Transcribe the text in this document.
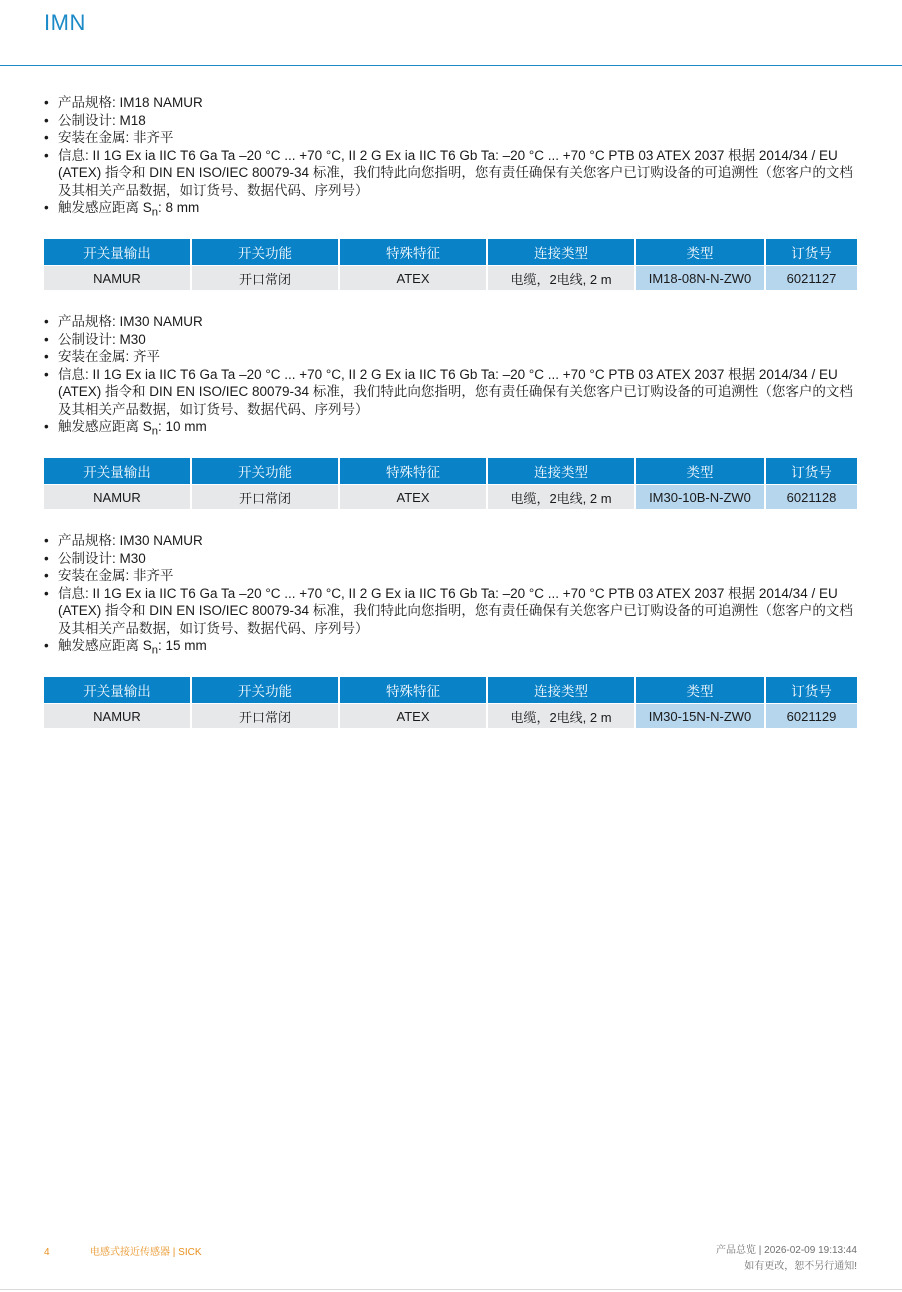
IMN
• 产品规格: IM18 NAMUR
• 公制设计: M18
• 安装在金属: 非齐平
• 信息: II 1G Ex ia IIC T6 Ga Ta –20 °C ... +70 °C, II 2 G Ex ia IIC T6 Gb Ta: –20 °C ... +70 °C PTB 03 ATEX 2037 根据 2014/34 / EU (ATEX) 指令和 DIN EN ISO/IEC 80079-34 标准，我们特此向您指明，您有责任确保有关您客户已订购设备的可追溯性（您客户的文档及其相关产品数据，如订货号、数据代码、序列号）
• 触发感应距离 $S_n$: 8 mm
开关量输出	开关功能	特殊特征	连接类型	类型	订货号
NAMUR	开口常闭	ATEX	电缆，2电线, 2 m	IM18-08N-N-ZW0	6021127
• 产品规格: IM30 NAMUR
• 公制设计: M30
• 安装在金属: 齐平
• 信息: II 1G Ex ia IIC T6 Ga Ta –20 °C ... +70 °C, II 2 G Ex ia IIC T6 Gb Ta: –20 °C ... +70 °C PTB 03 ATEX 2037 根据 2014/34 / EU (ATEX) 指令和 DIN EN ISO/IEC 80079-34 标准，我们特此向您指明，您有责任确保有关您客户已订购设备的可追溯性（您客户的文档及其相关产品数据，如订货号、数据代码、序列号）
• 触发感应距离 $S_n$: 10 mm
开关量输出	开关功能	特殊特征	连接类型	类型	订货号
NAMUR	开口常闭	ATEX	电缆，2电线, 2 m	IM30-10B-N-ZW0	6021128
• 产品规格: IM30 NAMUR
• 公制设计: M30
• 安装在金属: 非齐平
• 信息: II 1G Ex ia IIC T6 Ga Ta –20 °C ... +70 °C, II 2 G Ex ia IIC T6 Gb Ta: –20 °C ... +70 °C PTB 03 ATEX 2037 根据 2014/34 / EU (ATEX) 指令和 DIN EN ISO/IEC 80079-34 标准，我们特此向您指明，您有责任确保有关您客户已订购设备的可追溯性（您客户的文档及其相关产品数据，如订货号、数据代码、序列号）
• 触发感应距离 $S_n$: 15 mm
开关量输出	开关功能	特殊特征	连接类型	类型	订货号
NAMUR	开口常闭	ATEX	电缆，2电线, 2 m	IM30-15N-N-ZW0	6021129
4	电感式接近传感器 | SICK	产品总览 | 2026-02-09 19:13:44
如有更改，恕不另行通知!
